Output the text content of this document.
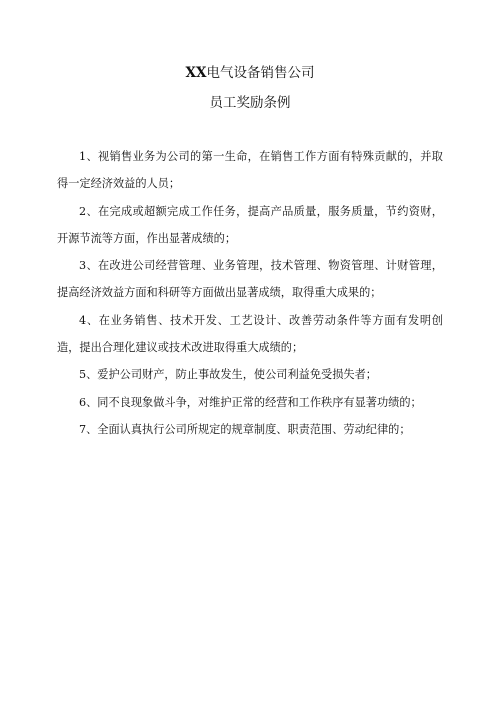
XX电气设备销售公司
员工奖励条例

1、视销售业务为公司的第一生命，在销售工作方面有特殊贡献的，并取得一定经济效益的人员；

2、在完成或超额完成工作任务，提高产品质量，服务质量，节约资财，开源节流等方面，作出显著成绩的；

3、在改进公司经营管理、业务管理，技术管理、物资管理、计财管理，提高经济效益方面和科研等方面做出显著成绩，取得重大成果的；

4、在业务销售、技术开发、工艺设计、改善劳动条件等方面有发明创造，提出合理化建议或技术改进取得重大成绩的；

5、爱护公司财产，防止事故发生，使公司利益免受损失者；

6、同不良现象做斗争，对维护正常的经营和工作秩序有显著功绩的；

7、全面认真执行公司所规定的规章制度、职责范围、劳动纪律的；
